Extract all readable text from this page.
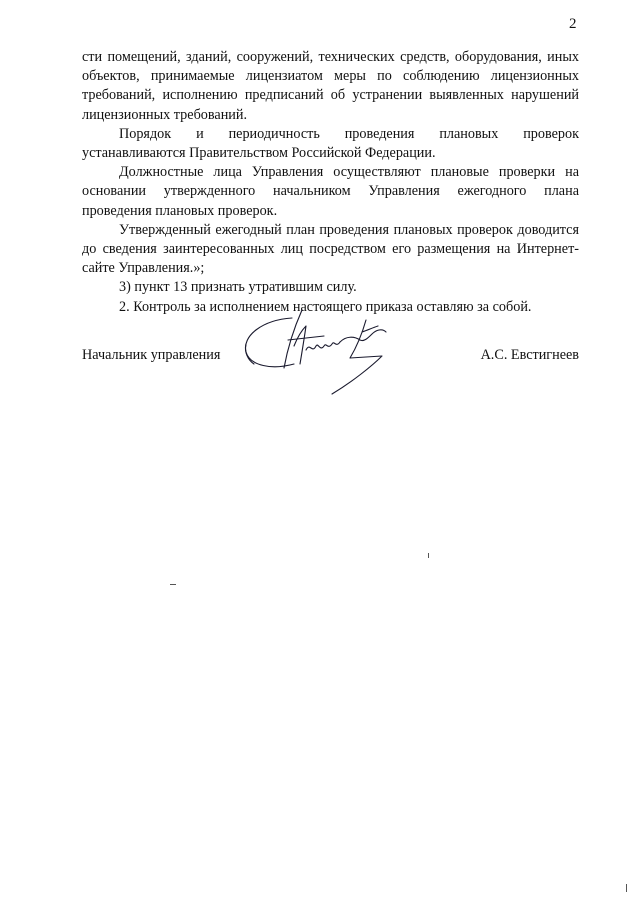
2

сти помещений, зданий, сооружений, технических средств, оборудования, иных объектов, принимаемые лицензиатом меры по соблюдению лицензионных требований, исполнению предписаний об устранении выявленных нарушений лицензионных требований.

Порядок и периодичность проведения плановых проверок устанавливаются Правительством Российской Федерации.

Должностные лица Управления осуществляют плановые проверки на основании утвержденного начальником Управления ежегодного плана проведения плановых проверок.

Утвержденный ежегодный план проведения плановых проверок доводится до сведения заинтересованных лиц посредством его размещения на Интернет-сайте Управления.»;

3) пункт 13 признать утратившим силу.

2. Контроль за исполнением настоящего приказа оставляю за собой.

Начальник управления	А.С. Евстигнеев
